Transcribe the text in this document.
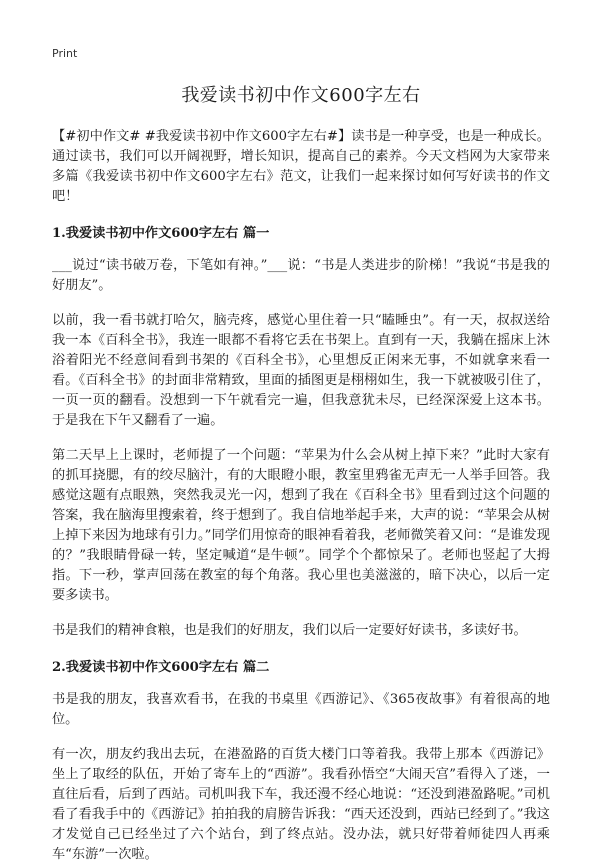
Print
我爱读书初中作文600字左右

【#初中作文# #我爱读书初中作文600字左右#】读书是一种享受，也是一种成长。通过读书，我们可以开阔视野，增长知识，提高自己的素养。今天文档网为大家带来多篇《我爱读书初中作文600字左右》范文，让我们一起来探讨如何写好读书的作文吧！

1.我爱读书初中作文600字左右 篇一

___说过“读书破万卷，下笔如有神。”___说：“书是人类进步的阶梯！”我说“书是我的好朋友”。

以前，我一看书就打哈欠，脑壳疼，感觉心里住着一只“瞌睡虫”。有一天，叔叔送给我一本《百科全书》，我连一眼都不看将它丢在书架上。直到有一天，我躺在摇床上沐浴着阳光不经意间看到书架的《百科全书》，心里想反正闲来无事，不如就拿来看一看。《百科全书》的封面非常精致，里面的插图更是栩栩如生，我一下就被吸引住了，一页一页的翻看。没想到一下午就看完一遍，但我意犹未尽，已经深深爱上这本书。于是我在下午又翻看了一遍。

第二天早上上课时，老师提了一个问题：“苹果为什么会从树上掉下来？”此时大家有的抓耳挠腮，有的绞尽脑汁，有的大眼瞪小眼，教室里鸦雀无声无一人举手回答。我感觉这题有点眼熟，突然我灵光一闪，想到了我在《百科全书》里看到过这个问题的答案，我在脑海里搜索着，终于想到了。我自信地举起手来，大声的说：“苹果会从树上掉下来因为地球有引力。”同学们用惊奇的眼神看着我，老师微笑着又问：“是谁发现的？”我眼睛骨碌一转，坚定喊道“是牛顿”。同学个个都惊呆了。老师也竖起了大拇指。下一秒，掌声回荡在教室的每个角落。我心里也美滋滋的，暗下决心，以后一定要多读书。

书是我们的精神食粮，也是我们的好朋友，我们以后一定要好好读书，多读好书。

2.我爱读书初中作文600字左右 篇二

书是我的朋友，我喜欢看书，在我的书桌里《西游记》、《365夜故事》有着很高的地位。

有一次，朋友约我出去玩，在港盈路的百货大楼门口等着我。我带上那本《西游记》坐上了取经的队伍，开始了寄车上的“西游”。我看孙悟空“大闹天宫”看得入了迷，一直往后看，后到了西站。司机叫我下车，我还漫不经心地说：“还没到港盈路呢。”司机看了看我手中的《西游记》拍拍我的肩膀告诉我：“西天还没到，西站已经到了。”我这才发觉自己已经坐过了六个站台，到了终点站。没办法，就只好带着师徒四人再乘车“东游”一次啦。
